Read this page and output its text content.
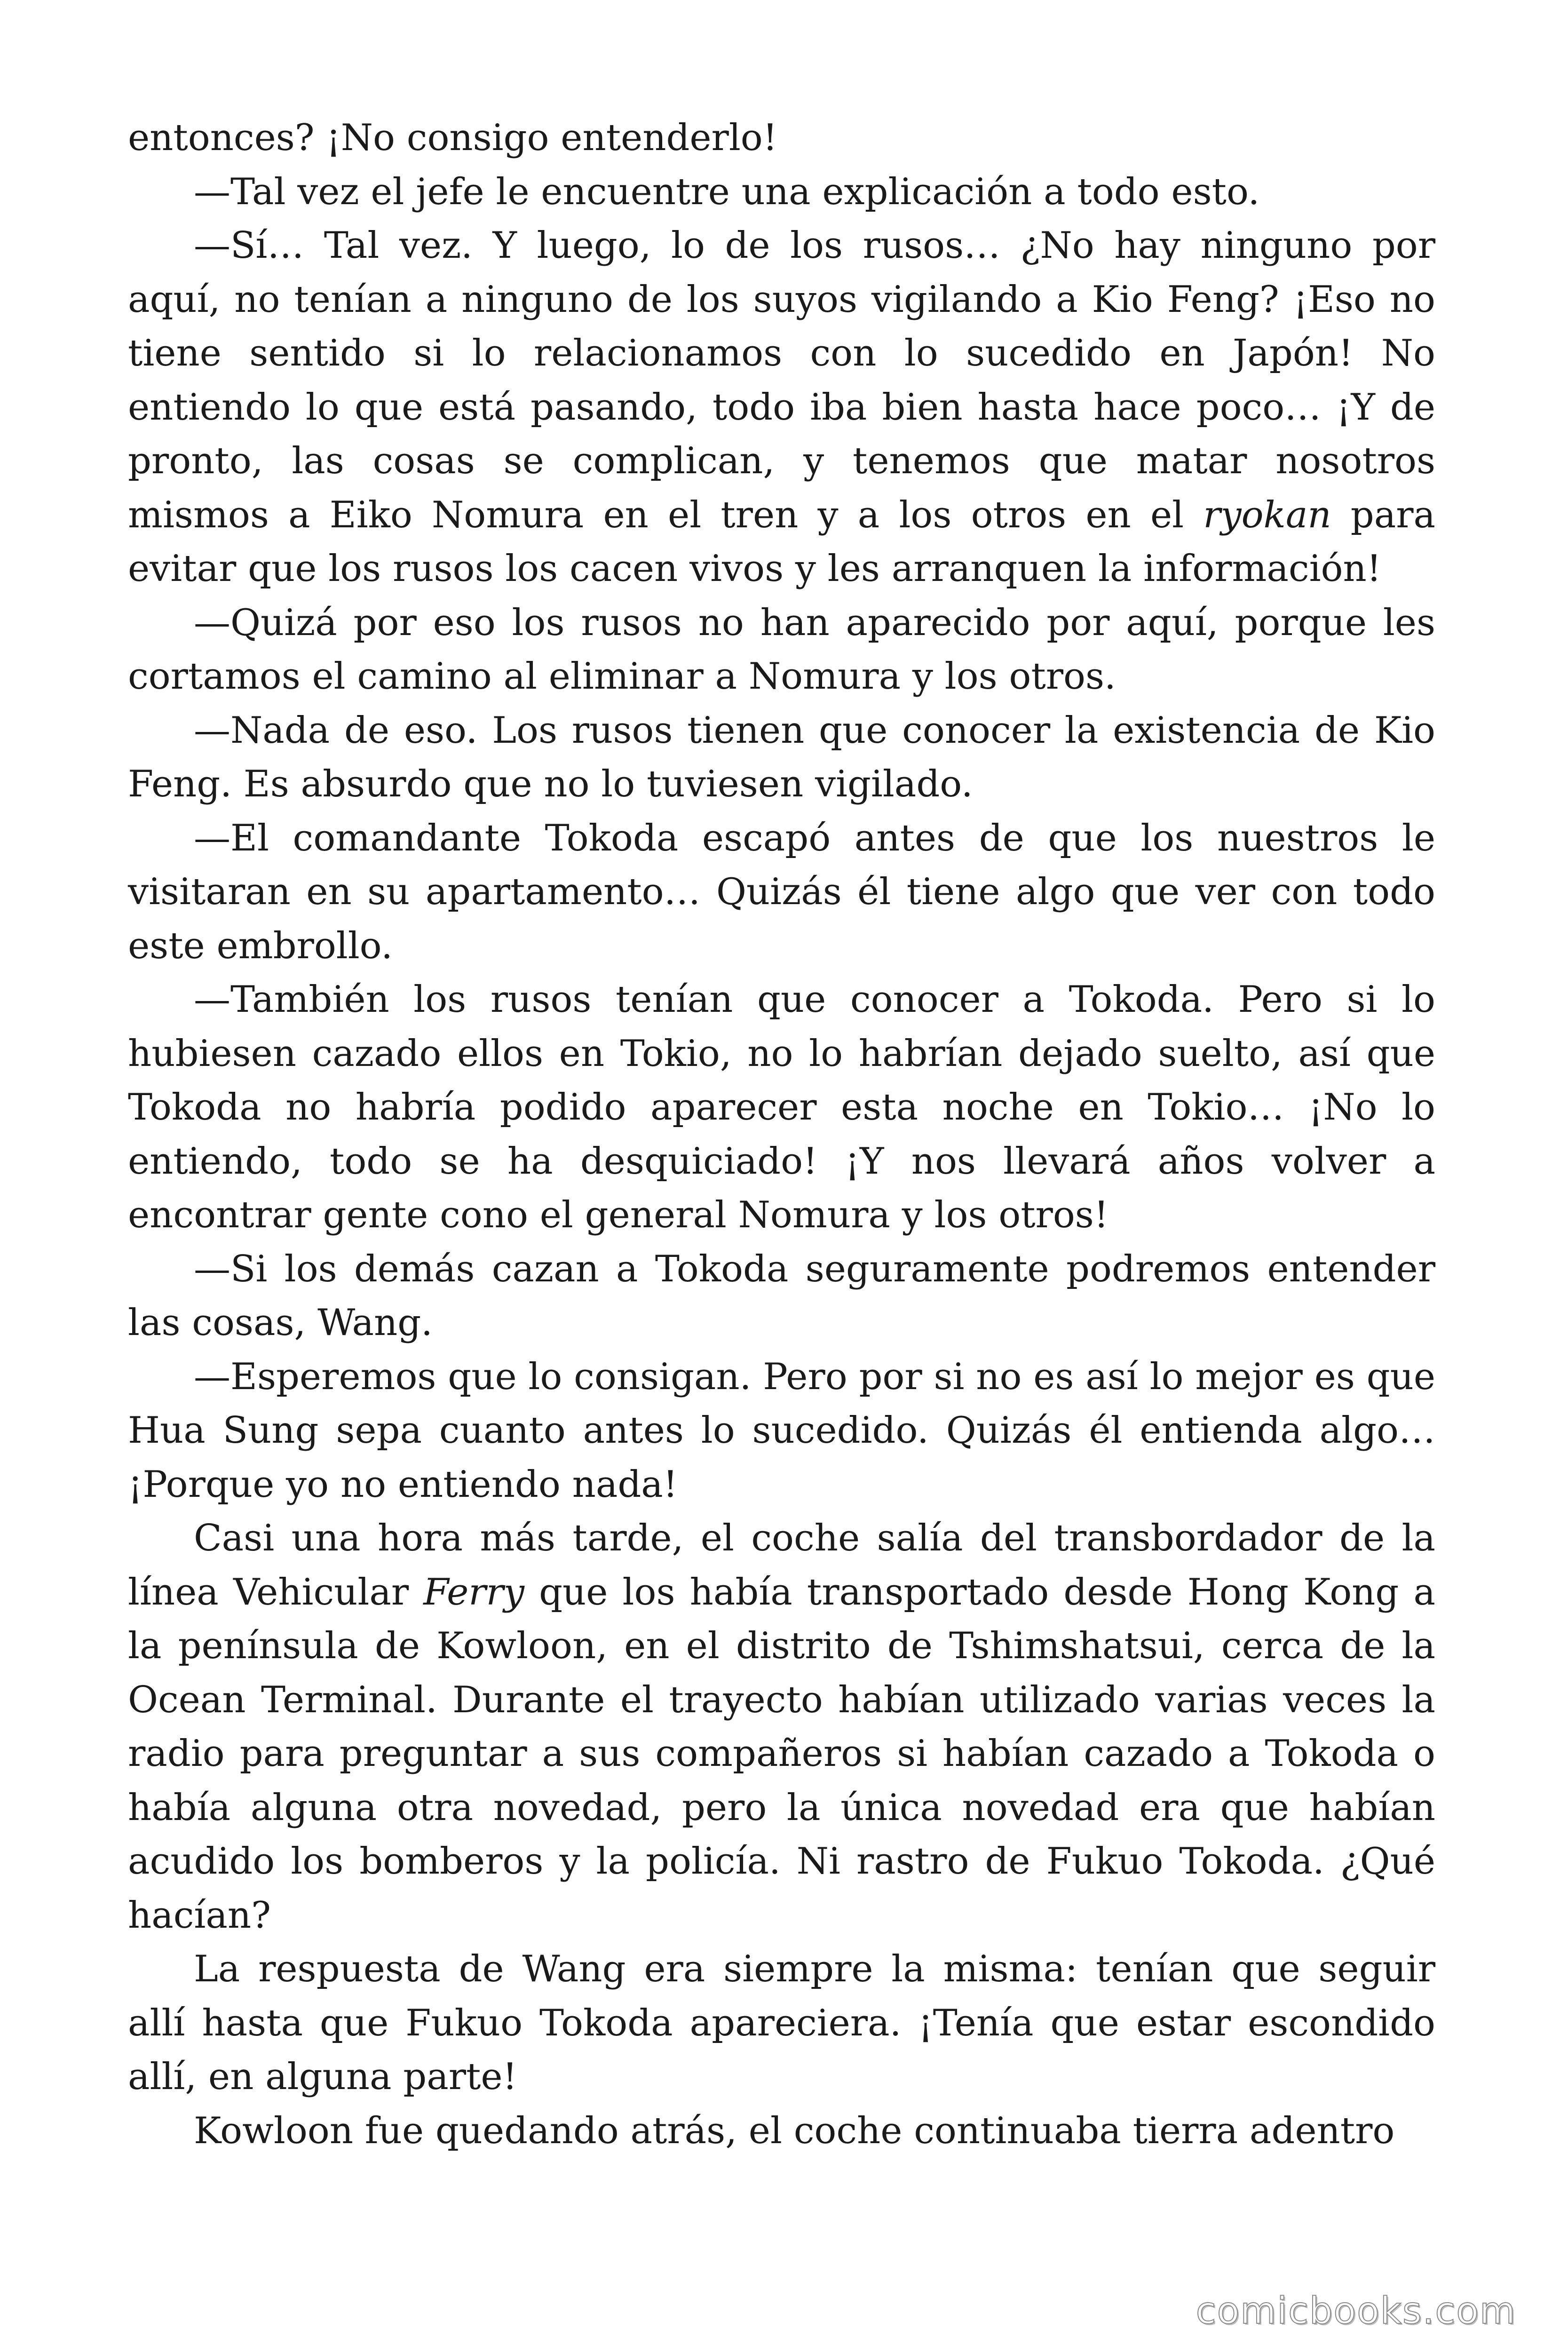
entonces? ¡No consigo entenderlo!

—Tal vez el jefe le encuentre una explicación a todo esto.

—Sí… Tal vez. Y luego, lo de los rusos… ¿No hay ninguno por aquí, no tenían a ninguno de los suyos vigilando a Kio Feng? ¡Eso no tiene sentido si lo relacionamos con lo sucedido en Japón! No entiendo lo que está pasando, todo iba bien hasta hace poco… ¡Y de pronto, las cosas se complican, y tenemos que matar nosotros mismos a Eiko Nomura en el tren y a los otros en el ryokan para evitar que los rusos los cacen vivos y les arranquen la información!

—Quizá por eso los rusos no han aparecido por aquí, porque les cortamos el camino al eliminar a Nomura y los otros.

—Nada de eso. Los rusos tienen que conocer la existencia de Kio Feng. Es absurdo que no lo tuviesen vigilado.

—El comandante Tokoda escapó antes de que los nuestros le visitaran en su apartamento… Quizás él tiene algo que ver con todo este embrollo.

—También los rusos tenían que conocer a Tokoda. Pero si lo hubiesen cazado ellos en Tokio, no lo habrían dejado suelto, así que Tokoda no habría podido aparecer esta noche en Tokio… ¡No lo entiendo, todo se ha desquiciado! ¡Y nos llevará años volver a encontrar gente cono el general Nomura y los otros!

—Si los demás cazan a Tokoda seguramente podremos entender las cosas, Wang.

—Esperemos que lo consigan. Pero por si no es así lo mejor es que Hua Sung sepa cuanto antes lo sucedido. Quizás él entienda algo… ¡Porque yo no entiendo nada!

Casi una hora más tarde, el coche salía del transbordador de la línea Vehicular Ferry que los había transportado desde Hong Kong a la península de Kowloon, en el distrito de Tshimshatsui, cerca de la Ocean Terminal. Durante el trayecto habían utilizado varias veces la radio para preguntar a sus compañeros si habían cazado a Tokoda o había alguna otra novedad, pero la única novedad era que habían acudido los bomberos y la policía. Ni rastro de Fukuo Tokoda. ¿Qué hacían?

La respuesta de Wang era siempre la misma: tenían que seguir allí hasta que Fukuo Tokoda apareciera. ¡Tenía que estar escondido allí, en alguna parte!

Kowloon fue quedando atrás, el coche continuaba tierra adentro

comicbooks.com
